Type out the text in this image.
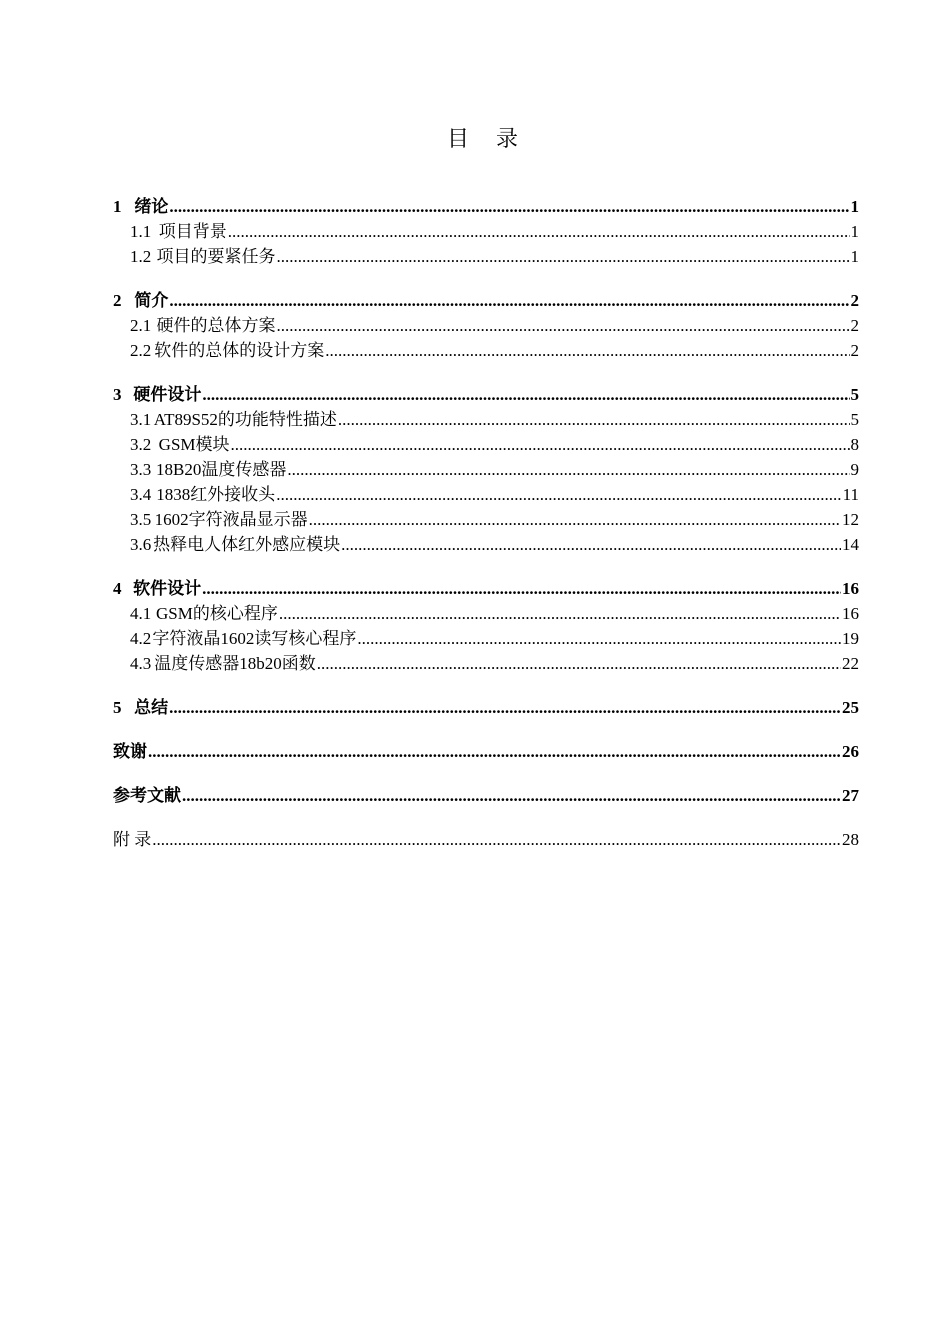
目 录
1 绪论 .....	1
1.1 项目背景 .....	1
1.2 项目的要紧任务 .....	1
2 简介 .....	2
2.1 硬件的总体方案 .....	2
2.2 软件的总体的设计方案 .....	2
3 硬件设计 .....	5
3.1 AT89S52的功能特性描述 .....	5
3.2 GSM模块 .....	8
3.3 18B20温度传感器 .....	9
3.4 1838红外接收头 .....	11
3.5 1602字符液晶显示器 .....	12
3.6 热释电人体红外感应模块 .....	14
4 软件设计 .....	16
4.1 GSM的核心程序 .....	16
4.2 字符液晶1602读写核心程序 .....	19
4.3 温度传感器18b20函数 .....	22
5 总结 .....	25
致谢 .....	26
参考文献 .....	27
附 录 .....	28
